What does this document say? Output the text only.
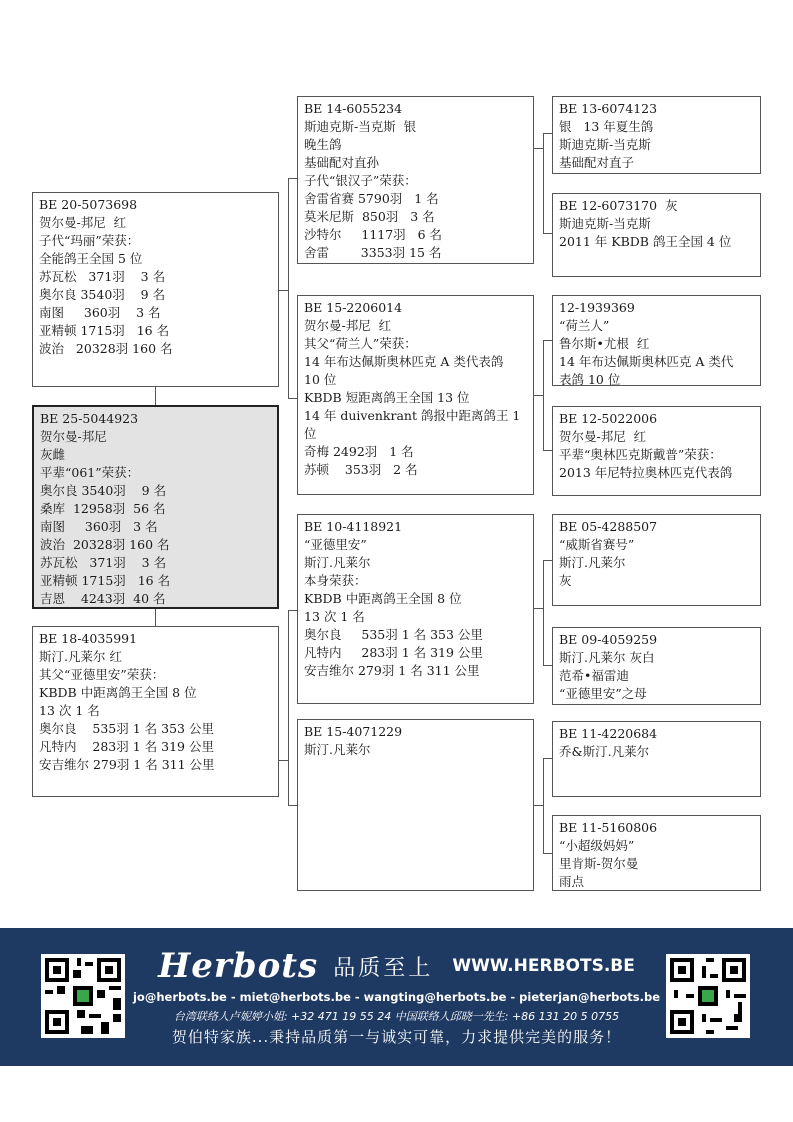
BE 25-5044923
贺尔曼-邦尼
灰雌
平辈“061”荣获：
奥尔良 3540羽    9 名
桑库  12958羽  56 名
南图     360羽   3 名
波治  20328羽 160 名
苏瓦松   371羽    3 名
亚精顿 1715羽   16 名
吉恩    4243羽  40 名
BE 20-5073698
贺尔曼-邦尼  红
子代“玛丽”荣获：
全能鸽王全国 5 位
苏瓦松   371羽    3 名
奥尔良 3540羽    9 名
南图     360羽    3 名
亚精顿 1715羽   16 名
波治   20328羽 160 名
BE 18-4035991
斯汀.凡莱尔 红
其父“亚德里安”荣获：
KBDB 中距离鸽王全国 8 位
13 次 1 名
奥尔良    535羽 1 名 353 公里
凡特内    283羽 1 名 319 公里
安吉维尔 279羽 1 名 311 公里
BE 14-6055234
斯迪克斯-当克斯  银
晚生鸽
基础配对直孙
子代“银汉子”荣获：
舍雷省赛 5790羽   1 名
莫米尼斯  850羽   3 名
沙特尔     1117羽   6 名
舍雷        3353羽 15 名
BE 15-2206014
贺尔曼-邦尼  红
其父“荷兰人”荣获：
14 年布达佩斯奥林匹克 A 类代表鸽
10 位
KBDB 短距离鸽王全国 13 位
14 年 duivenkrant 鸽报中距离鸽王 1
位
奇梅 2492羽   1 名
苏顿    353羽   2 名
BE 10-4118921
“亚德里安”
斯汀.凡莱尔
本身荣获：
KBDB 中距离鸽王全国 8 位
13 次 1 名
奥尔良     535羽 1 名 353 公里
凡特内     283羽 1 名 319 公里
安吉维尔 279羽 1 名 311 公里
BE 15-4071229
斯汀.凡莱尔
BE 13-6074123
银   13 年夏生鸽
斯迪克斯-当克斯
基础配对直子
BE 12-6073170  灰
斯迪克斯-当克斯
2011 年 KBDB 鸽王全国 4 位
12-1939369
“荷兰人”
鲁尔斯•尤根  红
14 年布达佩斯奥林匹克 A 类代
表鸽 10 位
BE 12-5022006
贺尔曼-邦尼  红
平辈“奥林匹克斯戴普”荣获：
2013 年尼特拉奥林匹克代表鸽
BE 05-4288507
“威斯省赛号”
斯汀.凡莱尔
灰
BE 09-4059259
斯汀.凡莱尔 灰白
范希•福雷迪
“亚德里安”之母
BE 11-4220684
乔&斯汀.凡莱尔
BE 11-5160806
“小超级妈妈”
里肯斯-贺尔曼
雨点
Herbots 品质至上 WWW.HERBOTS.BE
jo@herbots.be - miet@herbots.be - wangting@herbots.be - pieterjan@herbots.be
台湾联络人卢妮婷小姐: +32 471 19 55 24 中国联络人邱晓一先生: +86 131 20 5 0755
贺伯特家族...秉持品质第一与诚实可靠，力求提供完美的服务！
